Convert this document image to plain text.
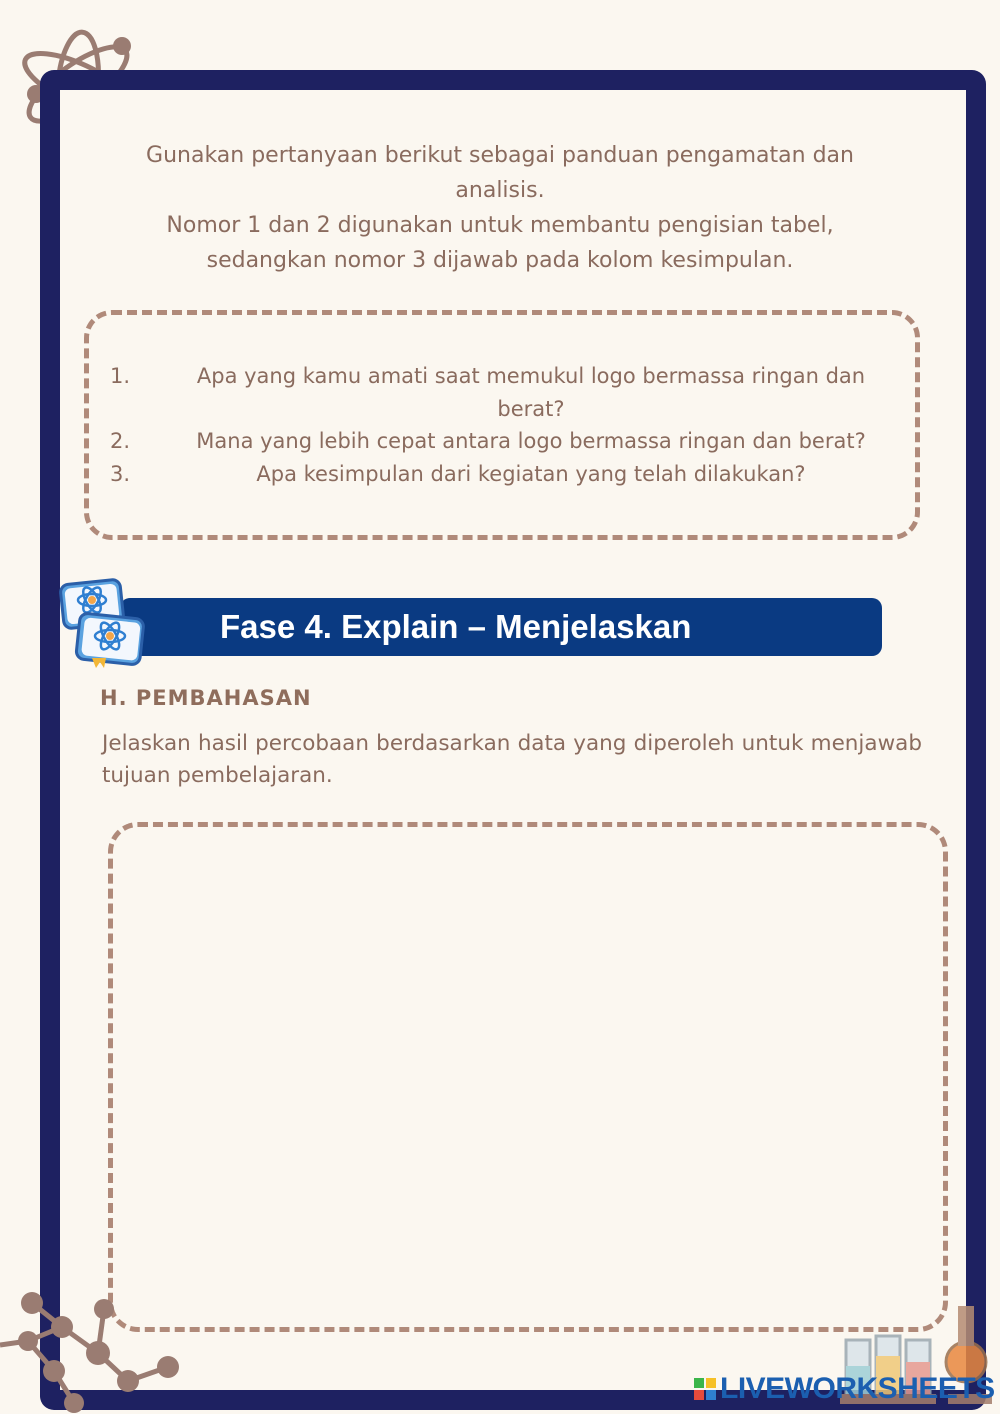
Gunakan pertanyaan berikut sebagai panduan pengamatan dan analisis.

Nomor 1 dan 2 digunakan untuk membantu pengisian tabel, sedangkan nomor 3 dijawab pada kolom kesimpulan.

1.	Apa yang kamu amati saat memukul logo bermassa ringan dan berat?
2.	Mana yang lebih cepat antara logo bermassa ringan dan berat?
3.	Apa kesimpulan dari kegiatan yang telah dilakukan?
Fase 4. Explain – Menjelaskan
H. PEMBAHASAN
Jelaskan hasil percobaan berdasarkan data yang diperoleh untuk menjawab tujuan pembelajaran.
LIVEWORKSHEETS
